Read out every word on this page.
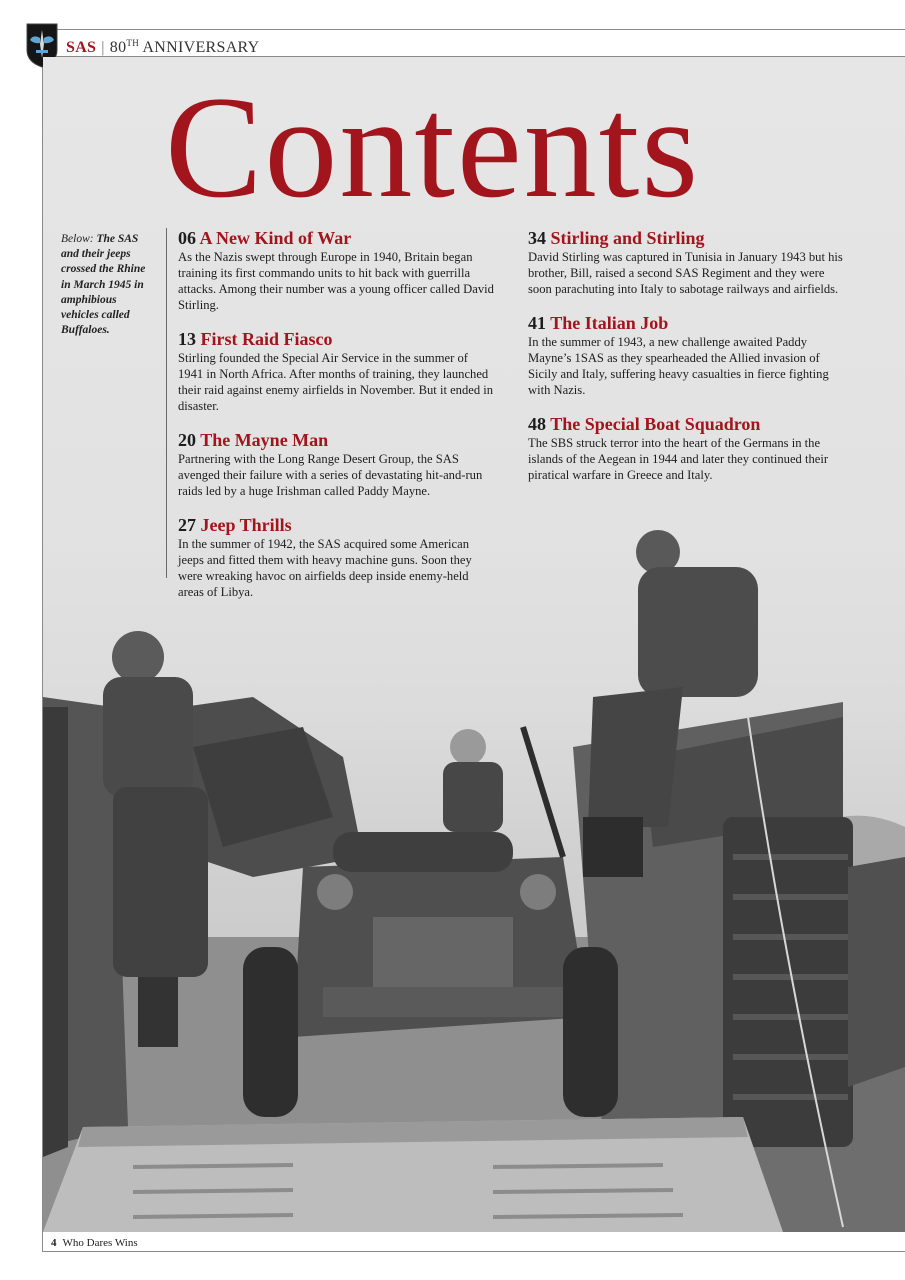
SAS | 80TH ANNIVERSARY
Contents
Below: The SAS and their jeeps crossed the Rhine in March 1945 in amphibious vehicles called Buffaloes.
06 A New Kind of War
As the Nazis swept through Europe in 1940, Britain began training its first commando units to hit back with guerrilla attacks. Among their number was a young officer called David Stirling.
13 First Raid Fiasco
Stirling founded the Special Air Service in the summer of 1941 in North Africa. After months of training, they launched their raid against enemy airfields in November. But it ended in disaster.
20 The Mayne Man
Partnering with the Long Range Desert Group, the SAS avenged their failure with a series of devastating hit-and-run raids led by a huge Irishman called Paddy Mayne.
27 Jeep Thrills
In the summer of 1942, the SAS acquired some American jeeps and fitted them with heavy machine guns. Soon they were wreaking havoc on airfields deep inside enemy-held areas of Libya.
34 Stirling and Stirling
David Stirling was captured in Tunisia in January 1943 but his brother, Bill, raised a second SAS Regiment and they were soon parachuting into Italy to sabotage railways and airfields.
41 The Italian Job
In the summer of 1943, a new challenge awaited Paddy Mayne’s 1SAS as they spearheaded the Allied invasion of Sicily and Italy, suffering heavy casualties in fierce fighting with Nazis.
48 The Special Boat Squadron
The SBS struck terror into the heart of the Germans in the islands of the Aegean in 1944 and later they continued their piratical warfare in Greece and Italy.
4 Who Dares Wins
